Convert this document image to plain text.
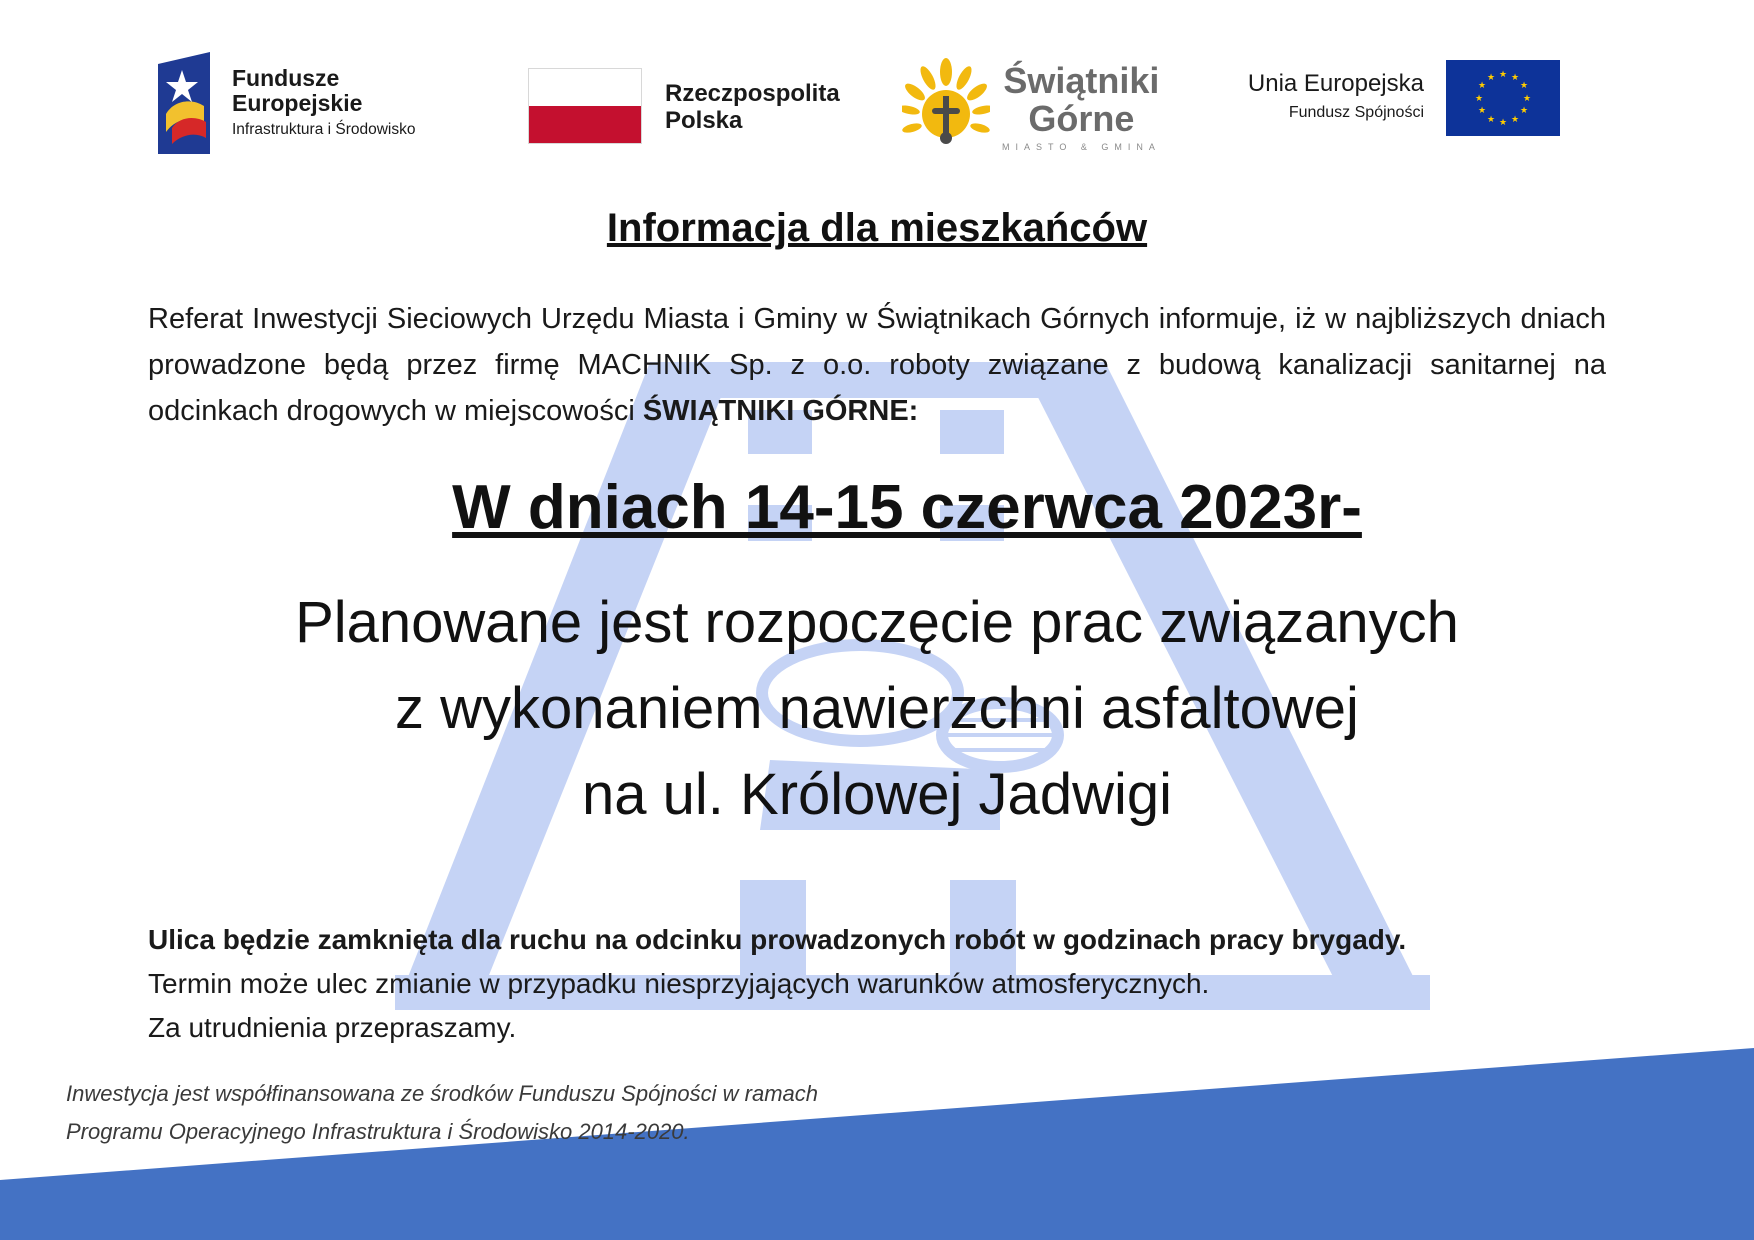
Fundusze
Europejskie
Infrastruktura i Środowisko
Rzeczpospolita
Polska
Świątniki
Górne
MIASTO & GMINA
Unia Europejska
Fundusz Spójności
★ ★
★
★
★
★
★
★
★
★
★
★
Informacja dla mieszkańców
Referat Inwestycji Sieciowych Urzędu Miasta i Gminy w Świątnikach Górnych informuje, iż w najbliższych dniach prowadzone będą przez firmę MACHNIK Sp. z o.o. roboty związane z budową kanalizacji sanitarnej na odcinkach drogowych w miejscowości ŚWIĄTNIKI GÓRNE:
W dniach 14-15 czerwca 2023r-
Planowane jest rozpoczęcie prac związanych
z wykonaniem nawierzchni asfaltowej
na ul. Królowej Jadwigi
Ulica będzie zamknięta dla ruchu na odcinku prowadzonych robót w godzinach pracy brygady.
Termin może ulec zmianie w przypadku niesprzyjających warunków atmosferycznych.
Za utrudnienia przepraszamy.
Inwestycja jest współfinansowana ze środków Funduszu Spójności w ramach
Programu Operacyjnego Infrastruktura i Środowisko 2014-2020.
